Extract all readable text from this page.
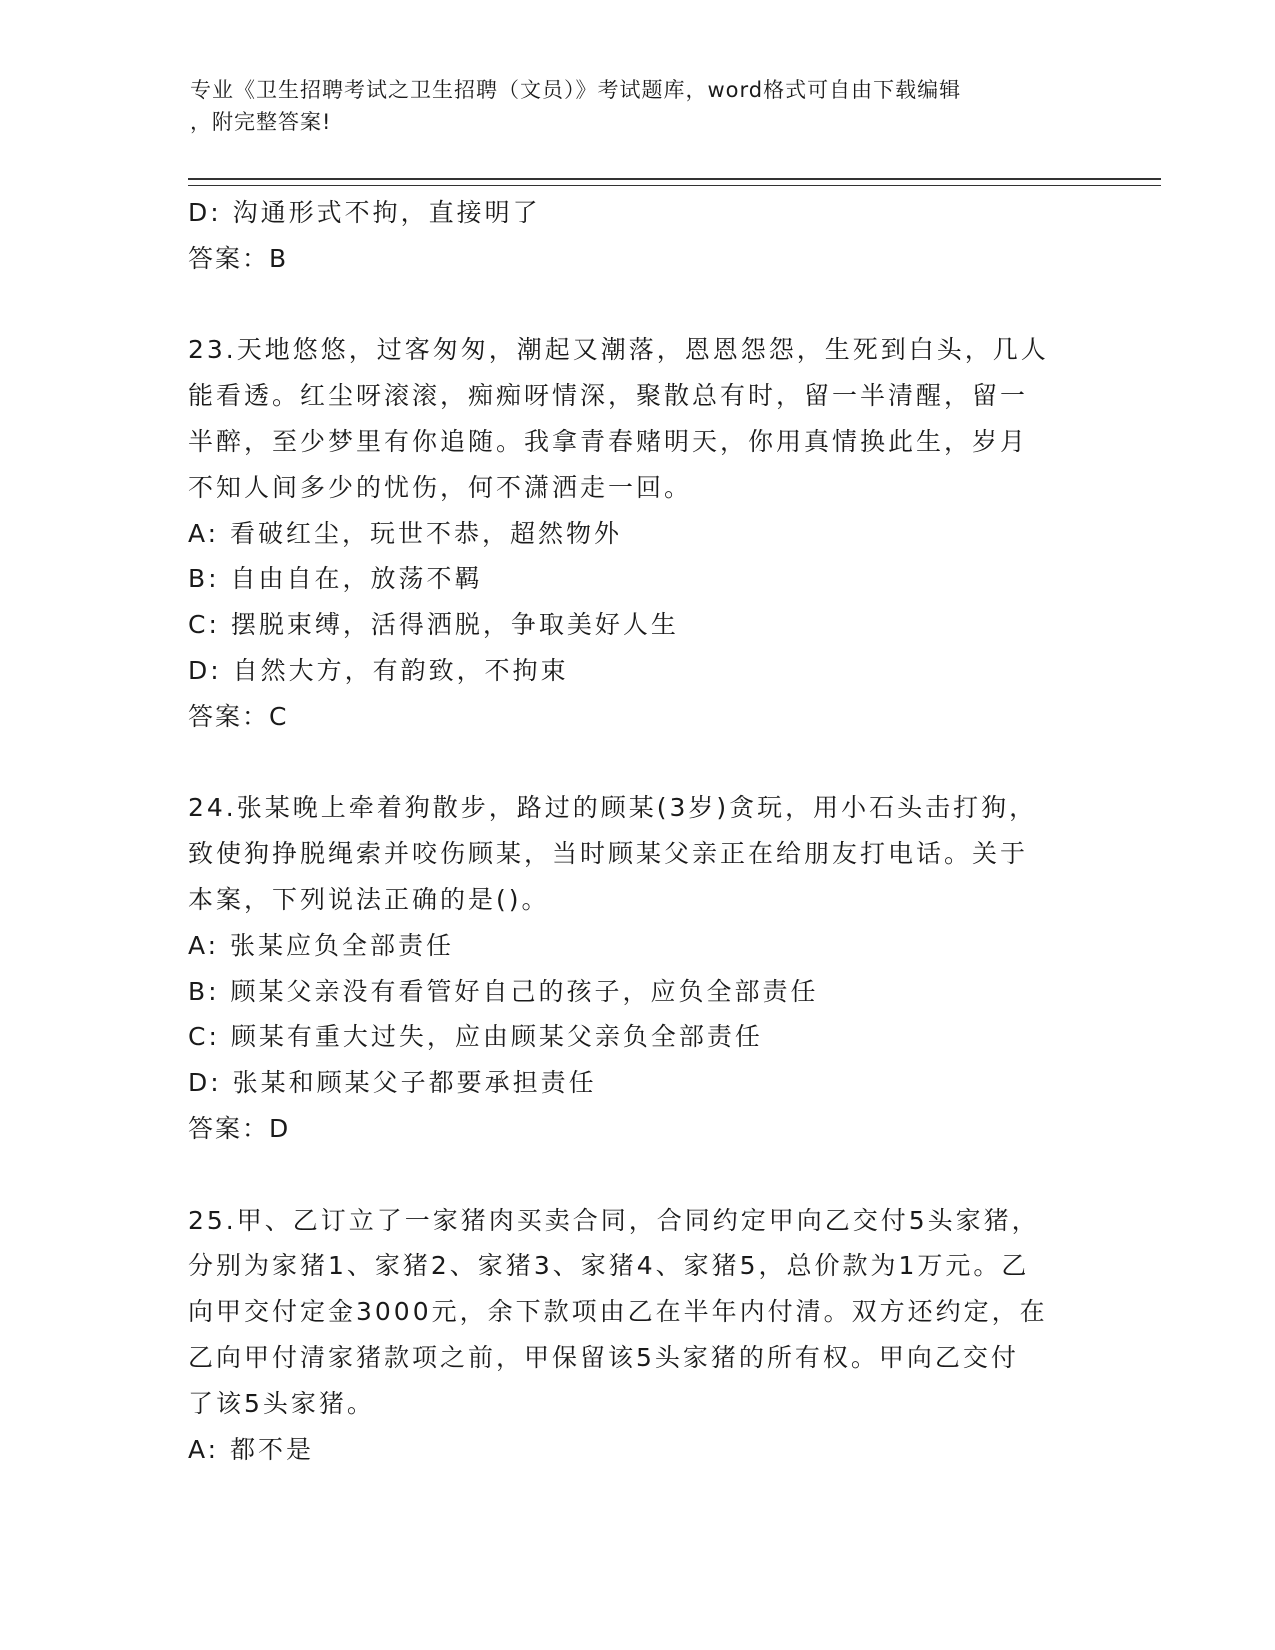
专业《卫生招聘考试之卫生招聘（文员）》考试题库，word格式可自由下载编辑
，附完整答案!
D: 沟通形式不拘，直接明了
答案：B
23.天地悠悠，过客匆匆，潮起又潮落，恩恩怨怨，生死到白头，几人
能看透。红尘呀滚滚，痴痴呀情深，聚散总有时，留一半清醒，留一
半醉，至少梦里有你追随。我拿青春赌明天，你用真情换此生，岁月
不知人间多少的忧伤，何不潇洒走一回。
A: 看破红尘，玩世不恭，超然物外
B: 自由自在，放荡不羁
C: 摆脱束缚，活得洒脱，争取美好人生
D: 自然大方，有韵致，不拘束
答案：C
24.张某晚上牵着狗散步，路过的顾某(3岁)贪玩，用小石头击打狗，
致使狗挣脱绳索并咬伤顾某，当时顾某父亲正在给朋友打电话。关于
本案，下列说法正确的是()。
A: 张某应负全部责任
B: 顾某父亲没有看管好自己的孩子，应负全部责任
C: 顾某有重大过失，应由顾某父亲负全部责任
D: 张某和顾某父子都要承担责任
答案：D
25.甲、乙订立了一家猪肉买卖合同，合同约定甲向乙交付5头家猪，
分别为家猪1、家猪2、家猪3、家猪4、家猪5，总价款为1万元。乙
向甲交付定金3000元，余下款项由乙在半年内付清。双方还约定，在
乙向甲付清家猪款项之前，甲保留该5头家猪的所有权。甲向乙交付
了该5头家猪。
A: 都不是
